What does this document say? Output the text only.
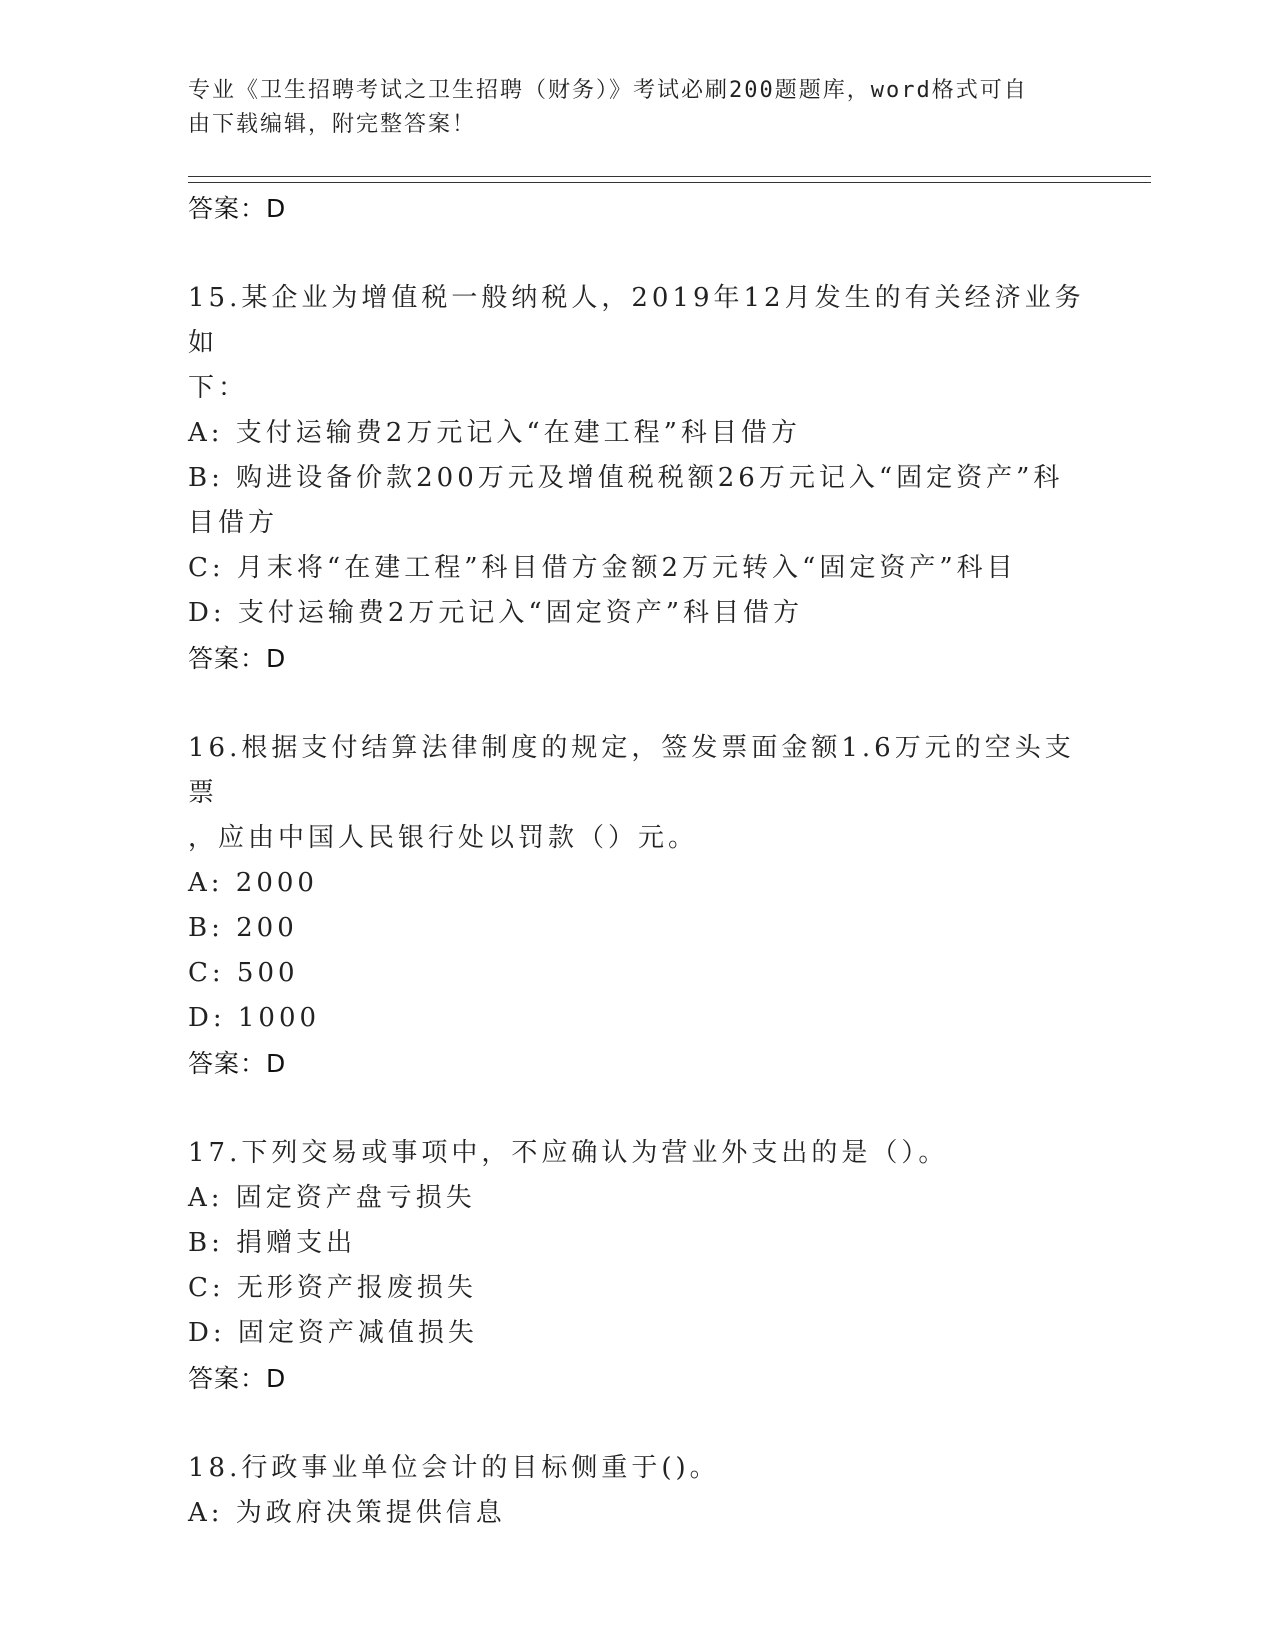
专业《卫生招聘考试之卫生招聘（财务）》考试必刷200题题库，word格式可自
由下载编辑，附完整答案！
答案：D
15.某企业为增值税一般纳税人，2019年12月发生的有关经济业务如
下：
A: 支付运输费2万元记入“在建工程”科目借方
B: 购进设备价款200万元及增值税税额26万元记入“固定资产”科
目借方
C: 月末将“在建工程”科目借方金额2万元转入“固定资产”科目
D: 支付运输费2万元记入“固定资产”科目借方
答案：D
16.根据支付结算法律制度的规定，签发票面金额1.6万元的空头支票
，应由中国人民银行处以罚款（）元。
A: 2000
B: 200
C: 500
D: 1000
答案：D
17.下列交易或事项中，不应确认为营业外支出的是（）。
A: 固定资产盘亏损失
B: 捐赠支出
C: 无形资产报废损失
D: 固定资产减值损失
答案：D
18.行政事业单位会计的目标侧重于()。
A: 为政府决策提供信息
